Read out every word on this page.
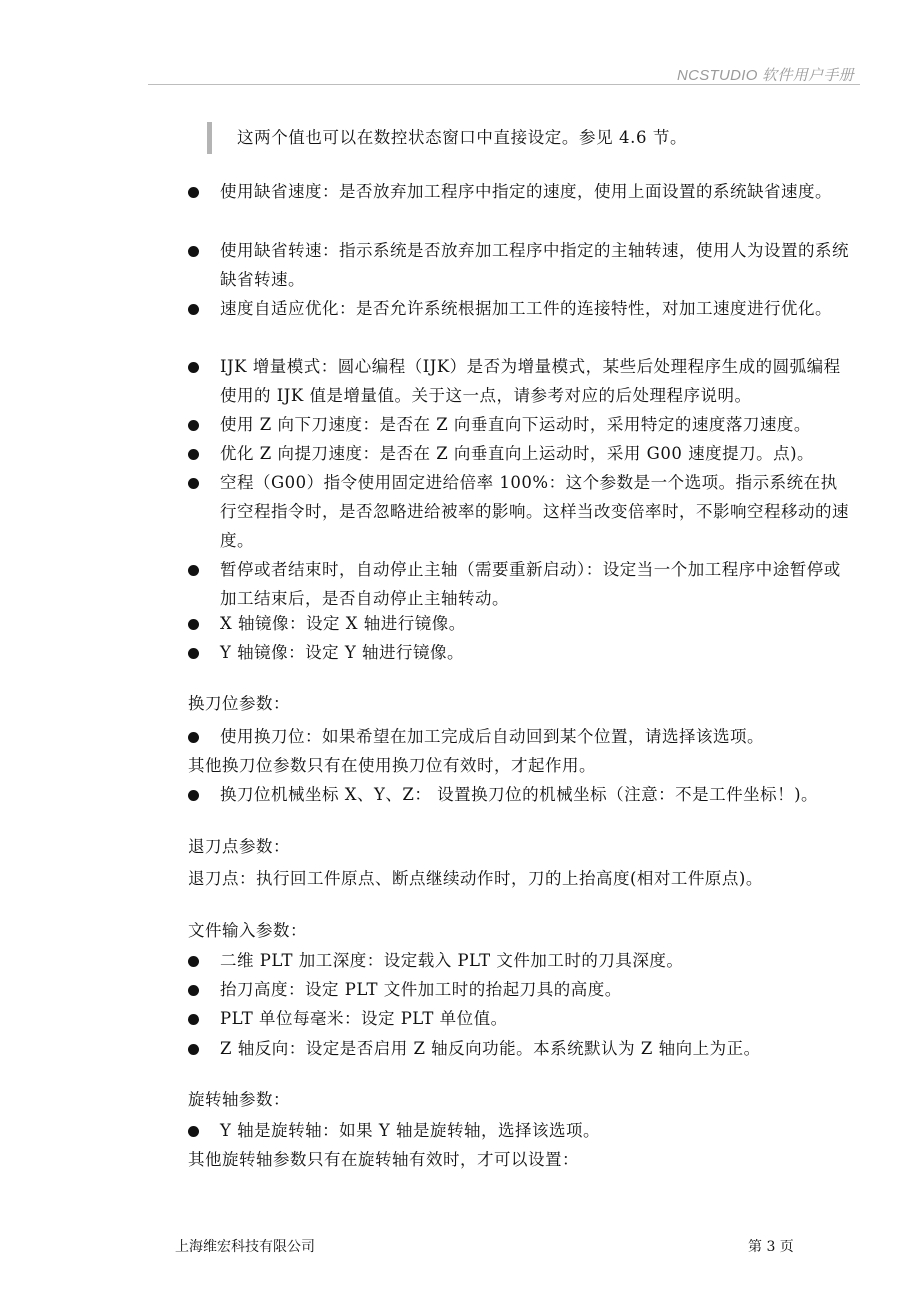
NCSTUDIO 软件用户手册
这两个值也可以在数控状态窗口中直接设定。参见 4.6 节。
使用缺省速度：是否放弃加工程序中指定的速度，使用上面设置的系统缺省速度。
使用缺省转速：指示系统是否放弃加工程序中指定的主轴转速，使用人为设置的系统缺省转速。
速度自适应优化：是否允许系统根据加工工件的连接特性，对加工速度进行优化。
IJK 增量模式：圆心编程（IJK）是否为增量模式，某些后处理程序生成的圆弧编程使用的 IJK 值是增量值。关于这一点，请参考对应的后处理程序说明。
使用 Z 向下刀速度：是否在 Z 向垂直向下运动时，采用特定的速度落刀速度。
优化 Z 向提刀速度：是否在 Z 向垂直向上运动时，采用 G00 速度提刀。点)。
空程（G00）指令使用固定进给倍率 100%：这个参数是一个选项。指示系统在执行空程指令时，是否忽略进给被率的影响。这样当改变倍率时，不影响空程移动的速度。
暂停或者结束时，自动停止主轴（需要重新启动）：设定当一个加工程序中途暂停或加工结束后，是否自动停止主轴转动。
X 轴镜像：设定 X 轴进行镜像。
Y 轴镜像：设定 Y 轴进行镜像。
换刀位参数：
使用换刀位：如果希望在加工完成后自动回到某个位置，请选择该选项。
其他换刀位参数只有在使用换刀位有效时，才起作用。
换刀位机械坐标 X、Y、Z： 设置换刀位的机械坐标（注意：不是工件坐标！)。
退刀点参数：
退刀点：执行回工件原点、断点继续动作时，刀的上抬高度(相对工件原点)。
文件输入参数：
二维 PLT 加工深度：设定载入 PLT 文件加工时的刀具深度。
抬刀高度：设定 PLT 文件加工时的抬起刀具的高度。
PLT 单位每毫米：设定 PLT 单位值。
Z 轴反向：设定是否启用 Z 轴反向功能。本系统默认为 Z 轴向上为正。
旋转轴参数：
Y 轴是旋转轴：如果 Y 轴是旋转轴，选择该选项。
其他旋转轴参数只有在旋转轴有效时，才可以设置：
上海维宏科技有限公司	第 3 页
